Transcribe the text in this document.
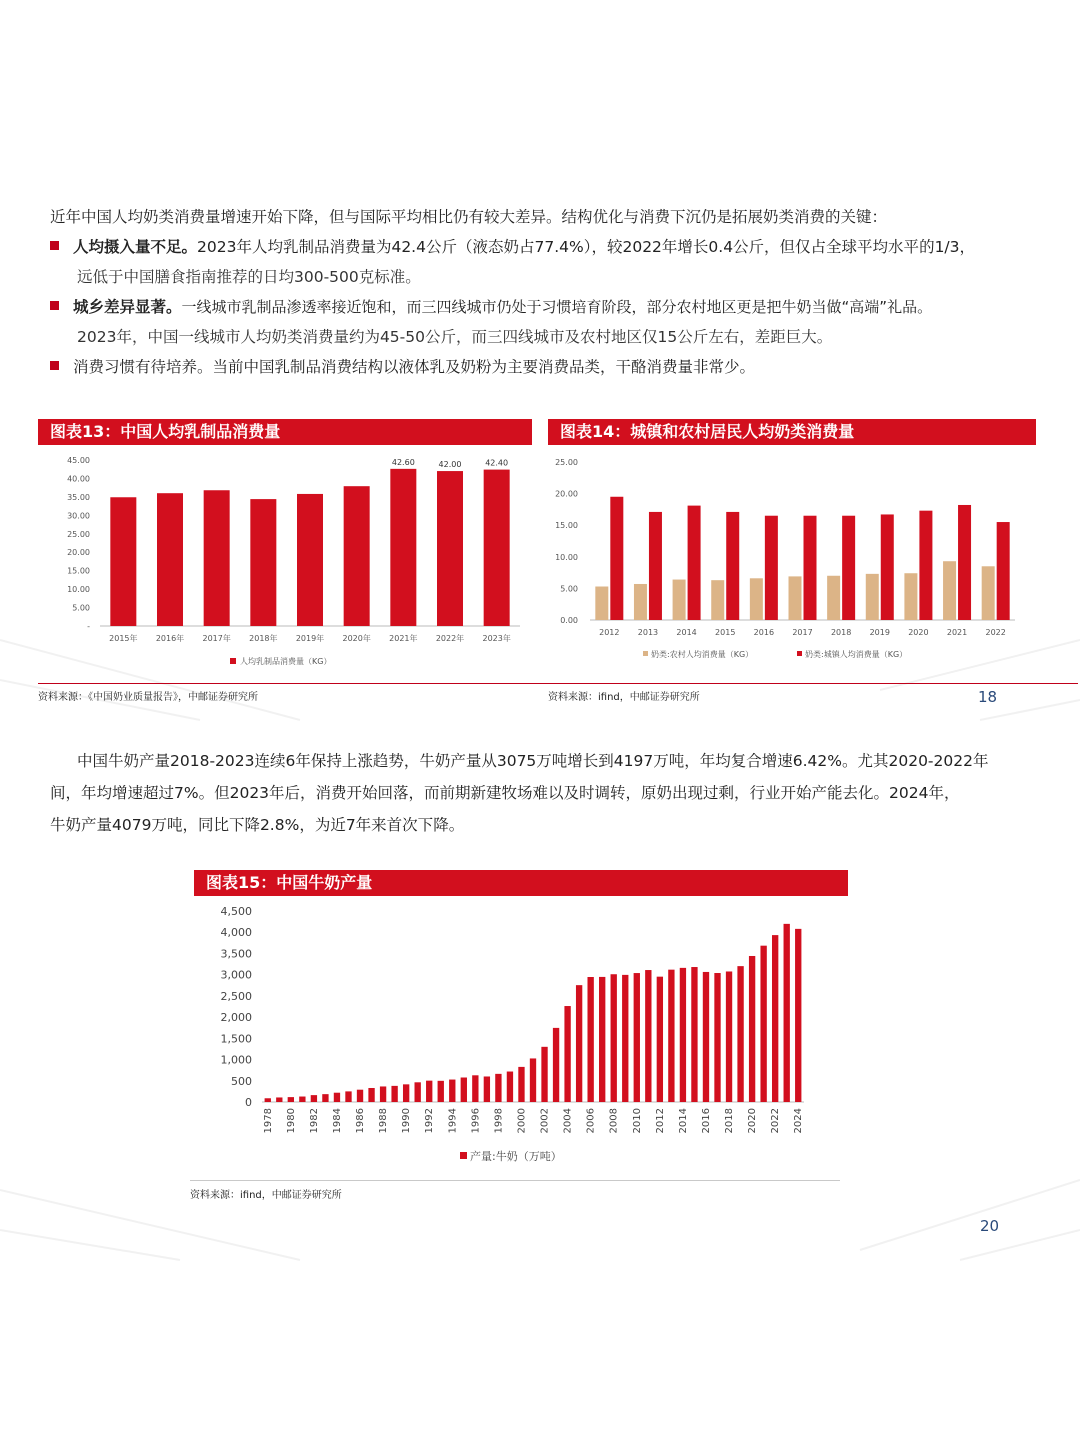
近年中国人均奶类消费量增速开始下降，但与国际平均相比仍有较大差异。结构优化与消费下沉仍是拓展奶类消费的关键：
人均摄入量不足。2023年人均乳制品消费量为42.4公斤（液态奶占77.4%），较2022年增长0.4公斤，但仅占全球平均水平的1/3，
远低于中国膳食指南推荐的日均300-500克标准。
城乡差异显著。一线城市乳制品渗透率接近饱和，而三四线城市仍处于习惯培育阶段，部分农村地区更是把牛奶当做“高端”礼品。
2023年，中国一线城市人均奶类消费量约为45-50公斤，而三四线城市及农村地区仅15公斤左右，差距巨大。
消费习惯有待培养。当前中国乳制品消费结构以液体乳及奶粉为主要消费品类，干酪消费量非常少。
图表13：中国人均乳制品消费量
45.00
40.00
35.00
30.00
25.00
20.00
15.00
10.00
5.00
-
2015年 2016年 2017年 2018年 2019年 2020年 2021年
42.60
2022年
42.00
2023年
42.40
人均乳制品消费量（KG）
图表14：城镇和农村居民人均奶类消费量
25.00
20.00
15.00
10.00
5.00
0.00
2012 2013 2014 2015 2016 2017 2018 2019 2020 2021 2022
奶类:农村人均消费量（KG）	奶类:城镇人均消费量（KG）
资料来源：《中国奶业质量报告》，中邮证券研究所	资料来源：ifind，中邮证券研究所	18
中国牛奶产量2018-2023连续6年保持上涨趋势，牛奶产量从3075万吨增长到4197万吨，年均复合增速6.42%。尤其2020-2022年
间，年均增速超过7%。但2023年后，消费开始回落，而前期新建牧场难以及时调转，原奶出现过剩，行业开始产能去化。2024年，
牛奶产量4079万吨，同比下降2.8%，为近7年来首次下降。
图表15：中国牛奶产量
4,500
4,000
3,500
3,000
2,500
2,000
1,500
1,000
500
0
1978 1980 1982 1984 1986 1988 1990 1992 1994 1996 1998 2000 2002 2004 2006 2008 2010 2012 2014 2016 2018 2020 2022 2024
产量:牛奶（万吨）
资料来源：ifind，中邮证券研究所
20
